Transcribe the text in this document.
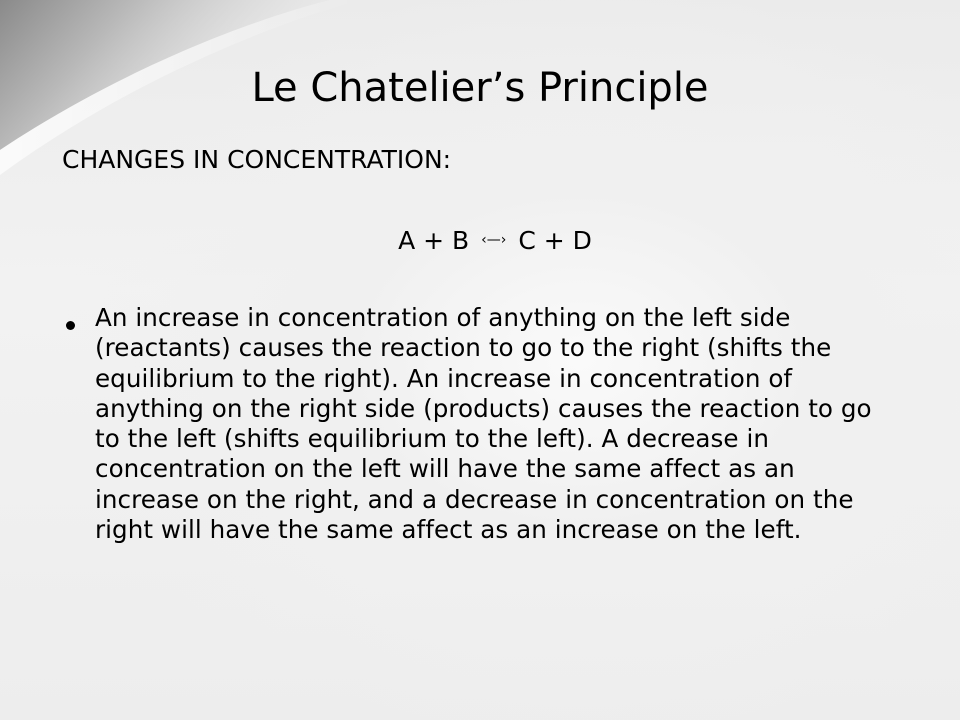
Le Chatelier’s Principle

CHANGES IN CONCENTRATION:

A + B ‹—› C + D

An increase in concentration of anything on the left side (reactants) causes the reaction to go to the right (shifts the equilibrium to the right). An increase in concentration of anything on the right side (products) causes the reaction to go to the left (shifts equilibrium to the left). A decrease in concentration on the left will have the same affect as an increase on the right, and a decrease in concentration on the right will have the same affect as an increase on the left.
